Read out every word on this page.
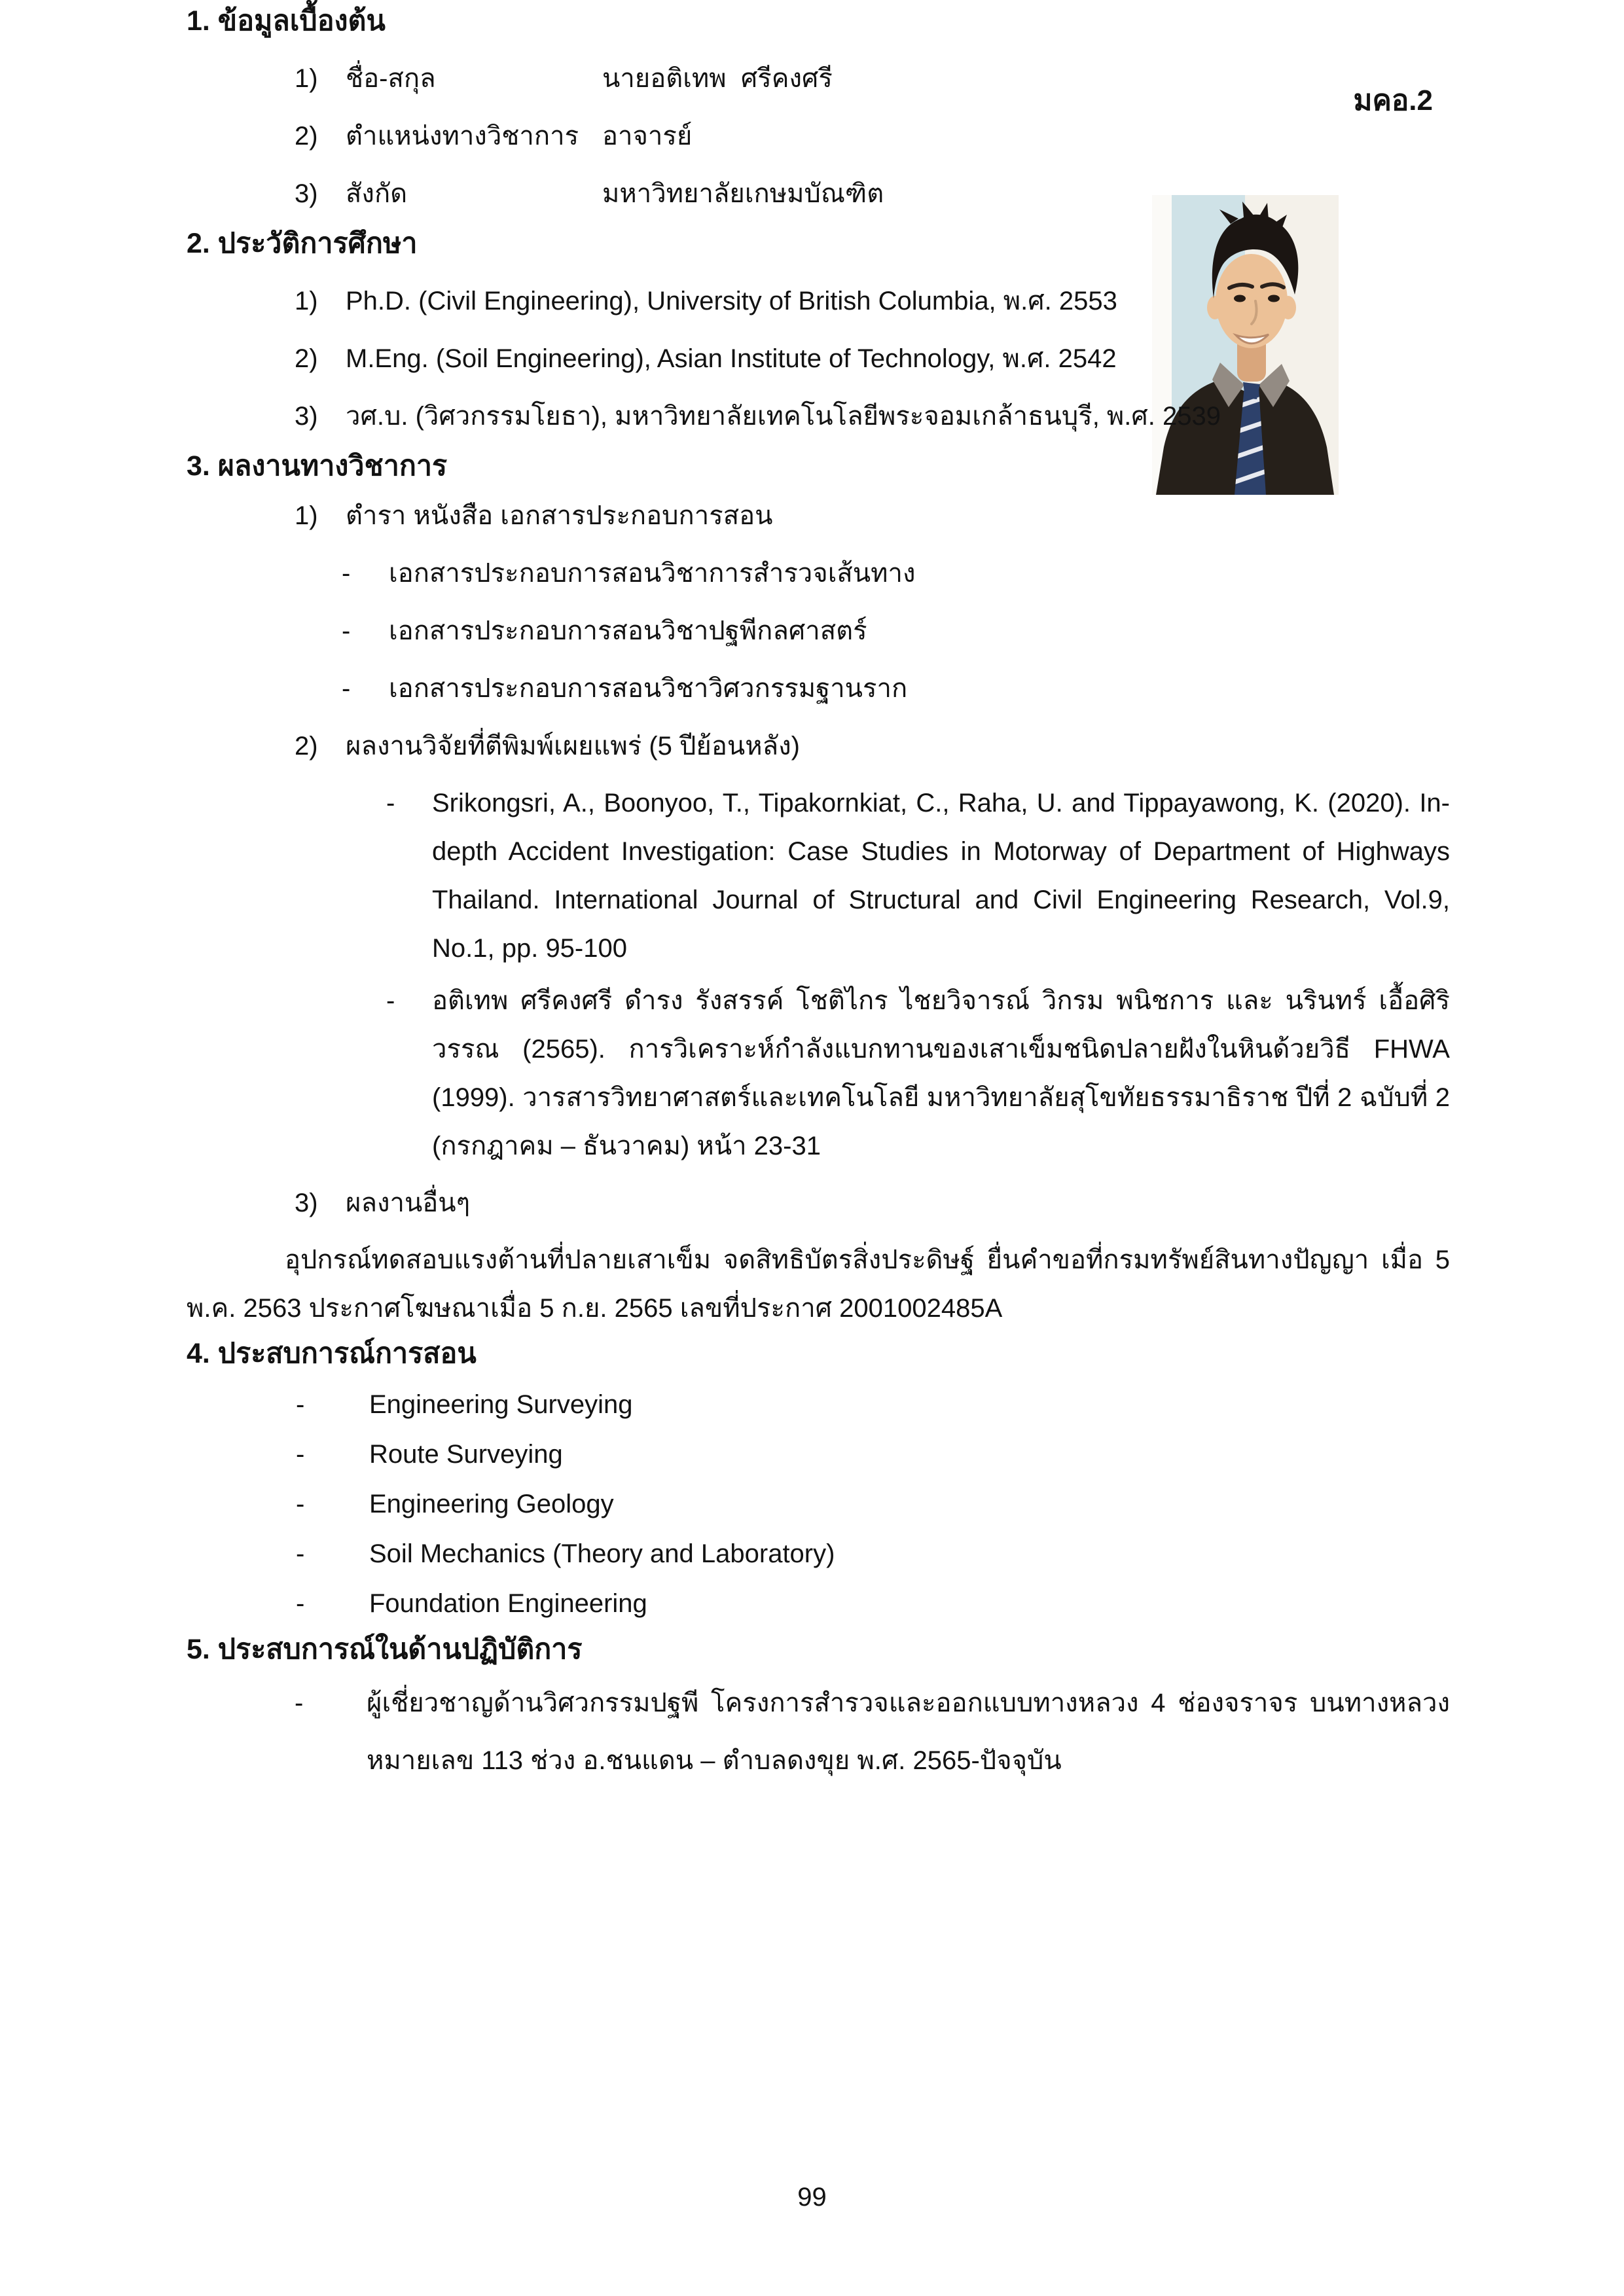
มคอ.2
1. ข้อมูลเบื้องต้น
1)	ชื่อ-สกุล	นายอติเทพ  ศรีคงศรี
2)	ตำแหน่งทางวิชาการ อาจารย์
3)	สังกัด	มหาวิทยาลัยเกษมบัณฑิต
2. ประวัติการศึกษา
1)	Ph.D. (Civil Engineering), University of British Columbia, พ.ศ. 2553
2)	M.Eng. (Soil Engineering), Asian Institute of Technology, พ.ศ. 2542
3)	วศ.บ. (วิศวกรรมโยธา), มหาวิทยาลัยเทคโนโลยีพระจอมเกล้าธนบุรี, พ.ศ. 2539
3. ผลงานทางวิชาการ
1)	ตำรา หนังสือ เอกสารประกอบการสอน
-	เอกสารประกอบการสอนวิชาการสำรวจเส้นทาง
-	เอกสารประกอบการสอนวิชาปฐพีกลศาสตร์
-	เอกสารประกอบการสอนวิชาวิศวกรรมฐานราก
2)	ผลงานวิจัยที่ตีพิมพ์เผยแพร่ (5 ปีย้อนหลัง)
-	Srikongsri, A., Boonyoo, T., Tipakornkiat, C., Raha, U. and Tippayawong, K. (2020). In-depth Accident Investigation: Case Studies in Motorway of Department of Highways Thailand. International Journal of Structural and Civil Engineering Research, Vol.9, No.1, pp. 95-100
-	อติเทพ ศรีคงศรี ดำรง รังสรรค์ โชติไกร ไชยวิจารณ์ วิกรม พนิชการ และ นรินทร์ เอื้อศิริวรรณ (2565). การวิเคราะห์กำลังแบกทานของเสาเข็มชนิดปลายฝังในหินด้วยวิธี FHWA (1999). วารสารวิทยาศาสตร์และเทคโนโลยี มหาวิทยาลัยสุโขทัยธรรมาธิราช ปีที่ 2 ฉบับที่ 2 (กรกฎาคม – ธันวาคม) หน้า 23-31
3)	ผลงานอื่นๆ

อุปกรณ์ทดสอบแรงต้านที่ปลายเสาเข็ม จดสิทธิบัตรสิ่งประดิษฐ์ ยื่นคำขอที่กรมทรัพย์สินทางปัญญา เมื่อ 5 พ.ค. 2563 ประกาศโฆษณาเมื่อ 5 ก.ย. 2565 เลขที่ประกาศ 2001002485A

4. ประสบการณ์การสอน
-	Engineering Surveying
-	Route Surveying
-	Engineering Geology
-	Soil Mechanics (Theory and Laboratory)
-	Foundation Engineering
5. ประสบการณ์ในด้านปฏิบัติการ
-	ผู้เชี่ยวชาญด้านวิศวกรรมปฐพี โครงการสำรวจและออกแบบทางหลวง 4 ช่องจราจร บนทางหลวงหมายเลข 113 ช่วง อ.ชนแดน – ตำบลดงขุย พ.ศ. 2565-ปัจจุบัน
99
